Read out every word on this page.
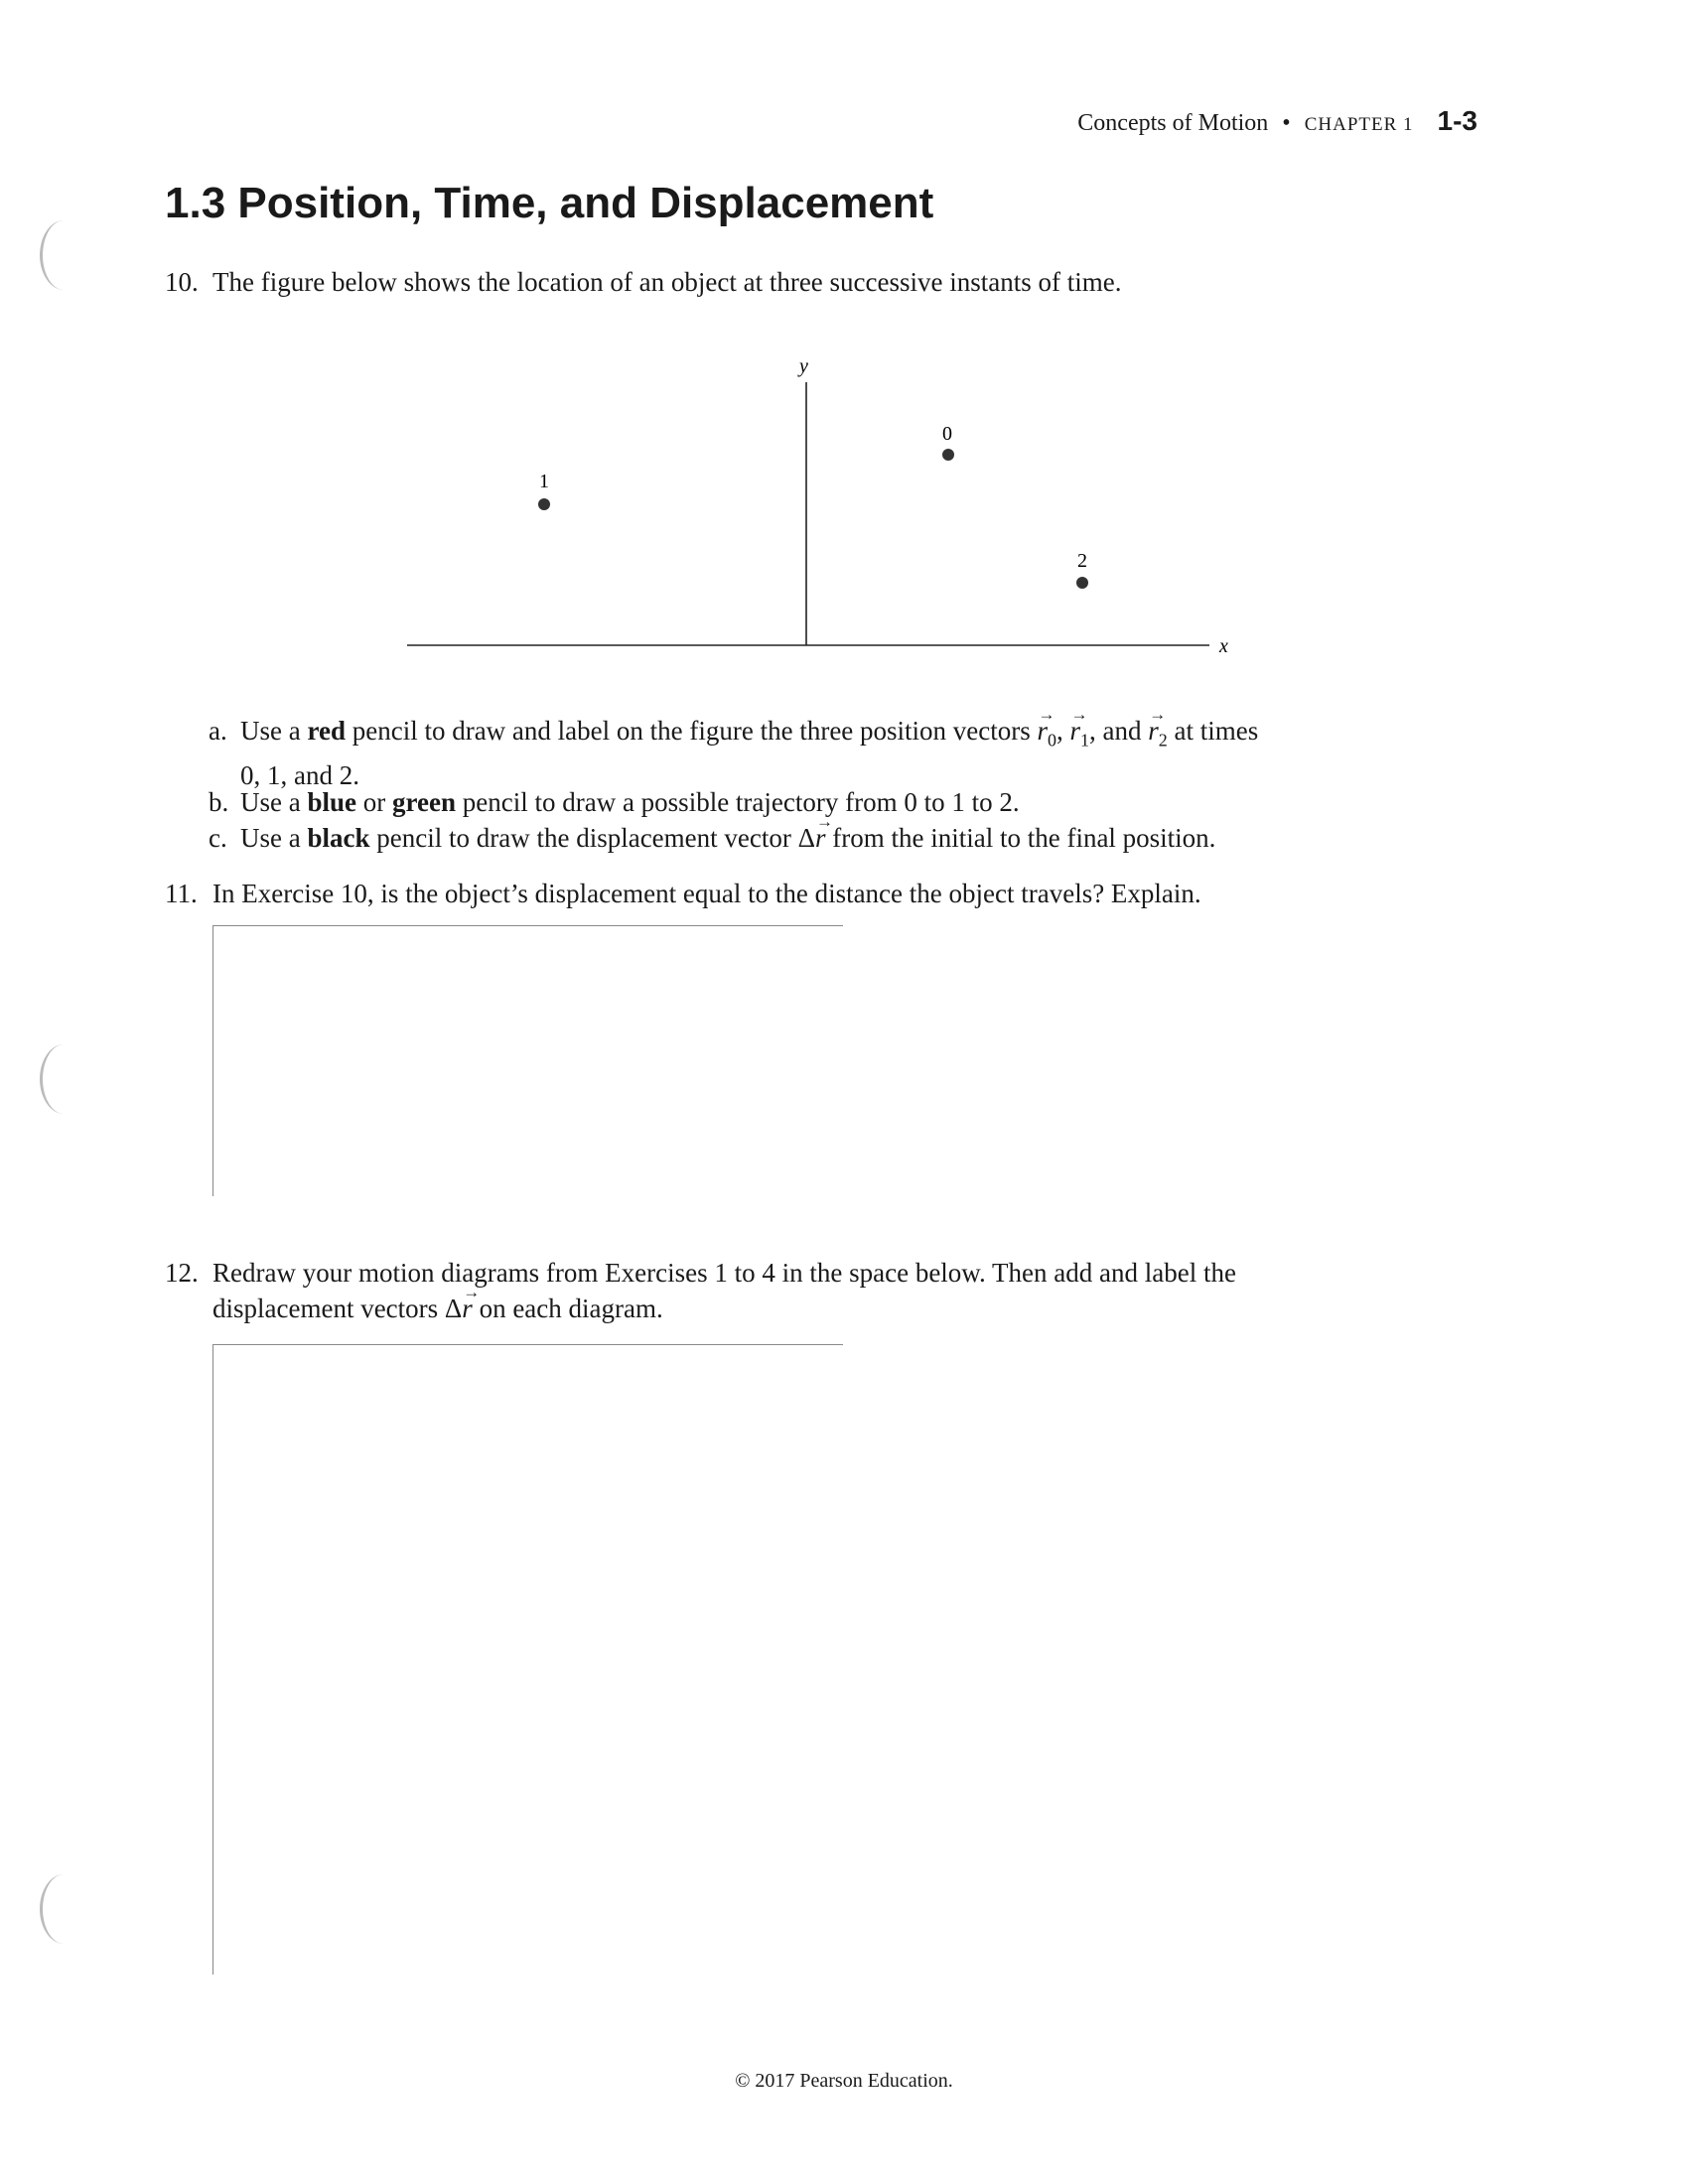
Concepts of Motion • CHAPTER 1 1-3
1.3 Position, Time, and Displacement
10. The figure below shows the location of an object at three successive instants of time.
y
x
0
1
2
a. Use a red pencil to draw and label on the figure the three position vectors → $r_0$, → $r_1$, and → $r_2$ at times
0, 1, and 2.
b. Use a blue or green pencil to draw a possible trajectory from 0 to 1 to 2.
c. Use a black pencil to draw the displacement vector Δ→ r from the initial to the final position.
11. In Exercise 10, is the object’s displacement equal to the distance the object travels? Explain.
12. Redraw your motion diagrams from Exercises 1 to 4 in the space below. Then add and label the
displacement vectors Δ→ r on each diagram.
© 2017 Pearson Education.
